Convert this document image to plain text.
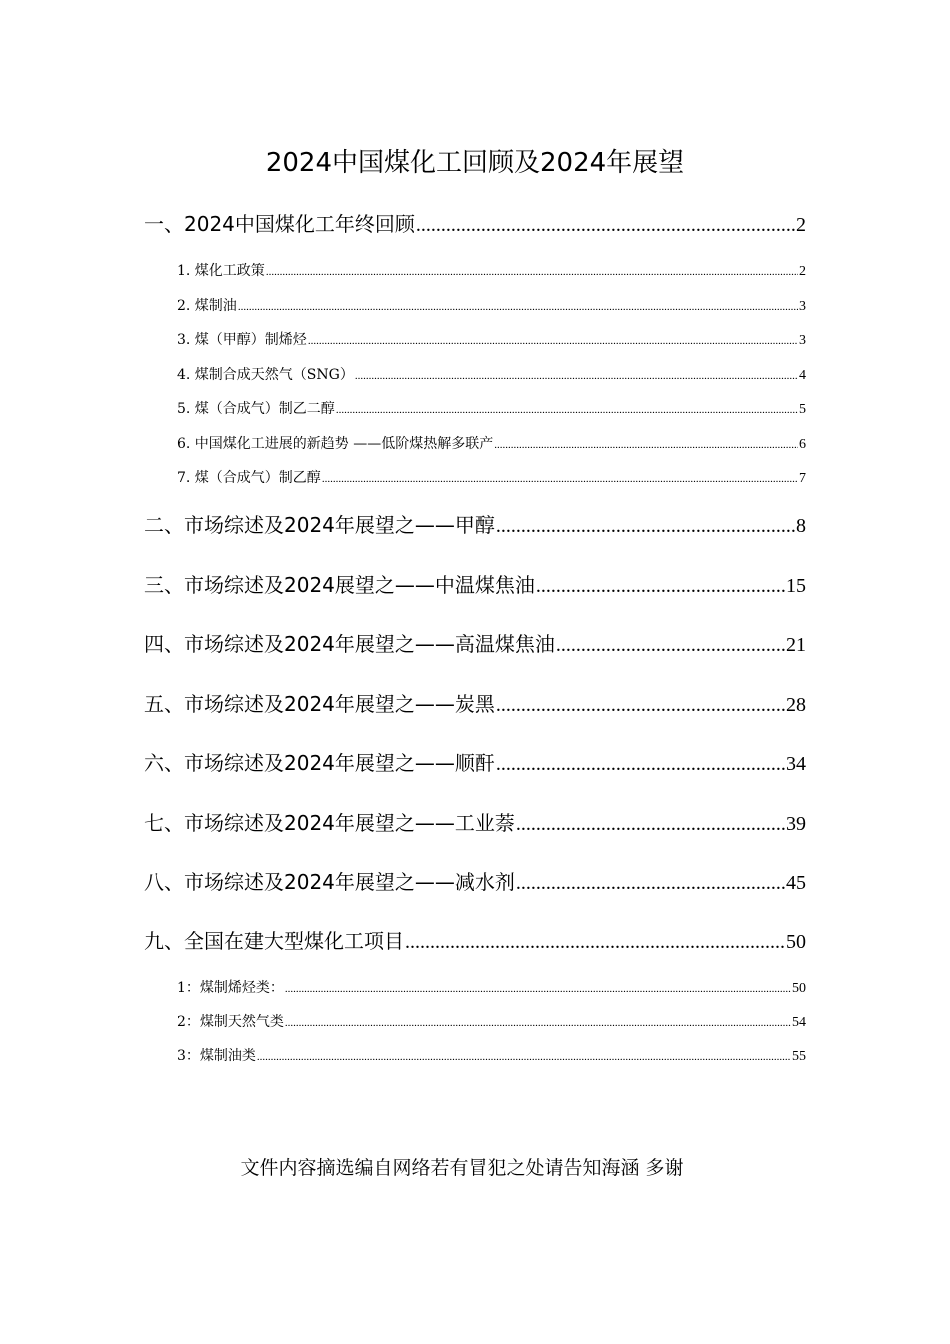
2024中国煤化工回顾及2024年展望
一、2024中国煤化工年终回顾 .....	2
1. 煤化工政策 .....	2
2. 煤制油 .....	3
3. 煤（甲醇）制烯烃 .....	3
4. 煤制合成天然气（SNG） .....	4
5. 煤（合成气）制乙二醇 .....	5
6. 中国煤化工进展的新趋势 ——低阶煤热解多联产 .....	6
7. 煤（合成气）制乙醇 .....	7
二、市场综述及2024年展望之——甲醇 .....	8
三、市场综述及2024展望之——中温煤焦油 .....	15
四、市场综述及2024年展望之——高温煤焦油 .....	21
五、市场综述及2024年展望之——炭黑 .....	28
六、市场综述及2024年展望之——顺酐 .....	34
七、市场综述及2024年展望之——工业萘 .....	39
八、市场综述及2024年展望之——减水剂 .....	45
九、全国在建大型煤化工项目 .....	50
1：煤制烯烃类： .....	50
2：煤制天然气类 .....	54
3：煤制油类 .....	55
文件内容摘选编自网络若有冒犯之处请告知海涵 多谢
